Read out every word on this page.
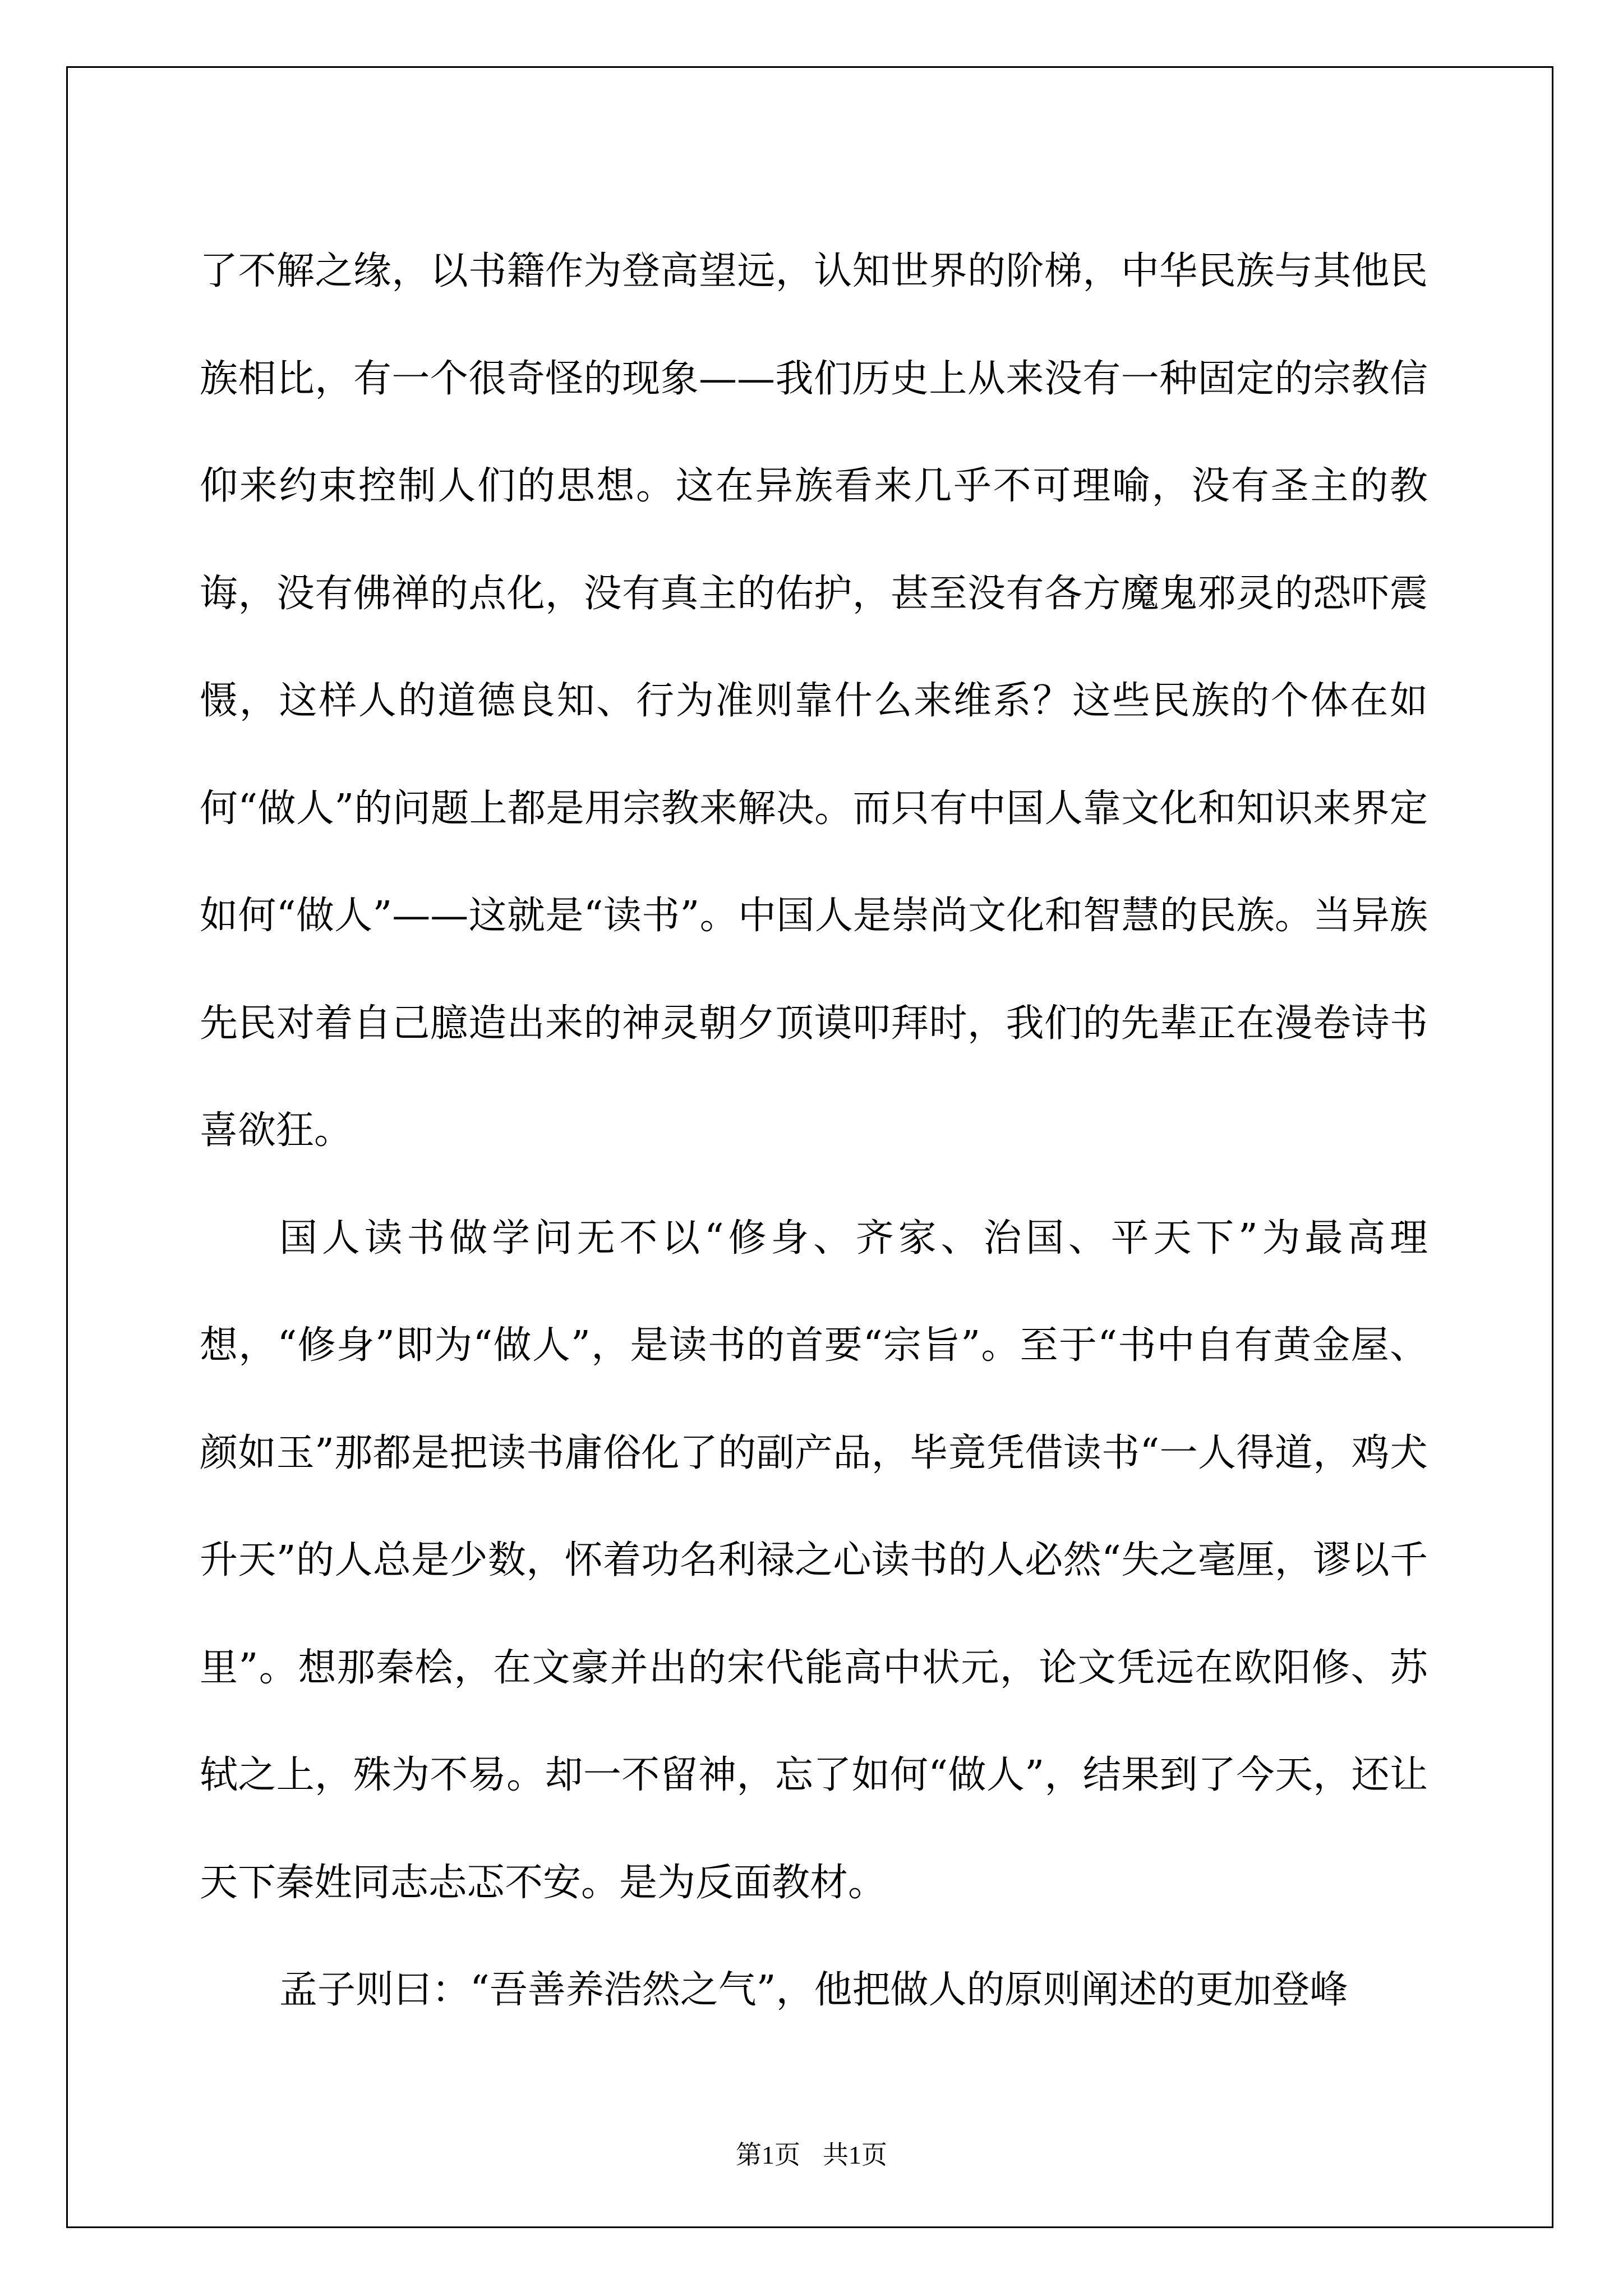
了不解之缘，以书籍作为登高望远，认知世界的阶梯，中华民族与其他民族相比，有一个很奇怪的现象——我们历史上从来没有一种固定的宗教信仰来约束控制人们的思想。这在异族看来几乎不可理喻，没有圣主的教诲，没有佛禅的点化，没有真主的佑护，甚至没有各方魔鬼邪灵的恐吓震慑，这样人的道德良知、行为准则靠什么来维系？这些民族的个体在如何“做人”的问题上都是用宗教来解决。而只有中国人靠文化和知识来界定如何“做人”——这就是“读书”。中国人是崇尚文化和智慧的民族。当异族先民对着自己臆造出来的神灵朝夕顶谟叩拜时，我们的先辈正在漫卷诗书喜欲狂。

国人读书做学问无不以“修身、齐家、治国、平天下”为最高理想，“修身”即为“做人”，是读书的首要“宗旨”。至于“书中自有黄金屋、颜如玉”那都是把读书庸俗化了的副产品，毕竟凭借读书“一人得道，鸡犬升天”的人总是少数，怀着功名利禄之心读书的人必然“失之毫厘，谬以千里”。想那秦桧，在文豪并出的宋代能高中状元，论文凭远在欧阳修、苏轼之上，殊为不易。却一不留神，忘了如何“做人”，结果到了今天，还让天下秦姓同志忐忑不安。是为反面教材。

孟子则曰：“吾善养浩然之气”，他把做人的原则阐述的更加登峰

第1页 共1页
